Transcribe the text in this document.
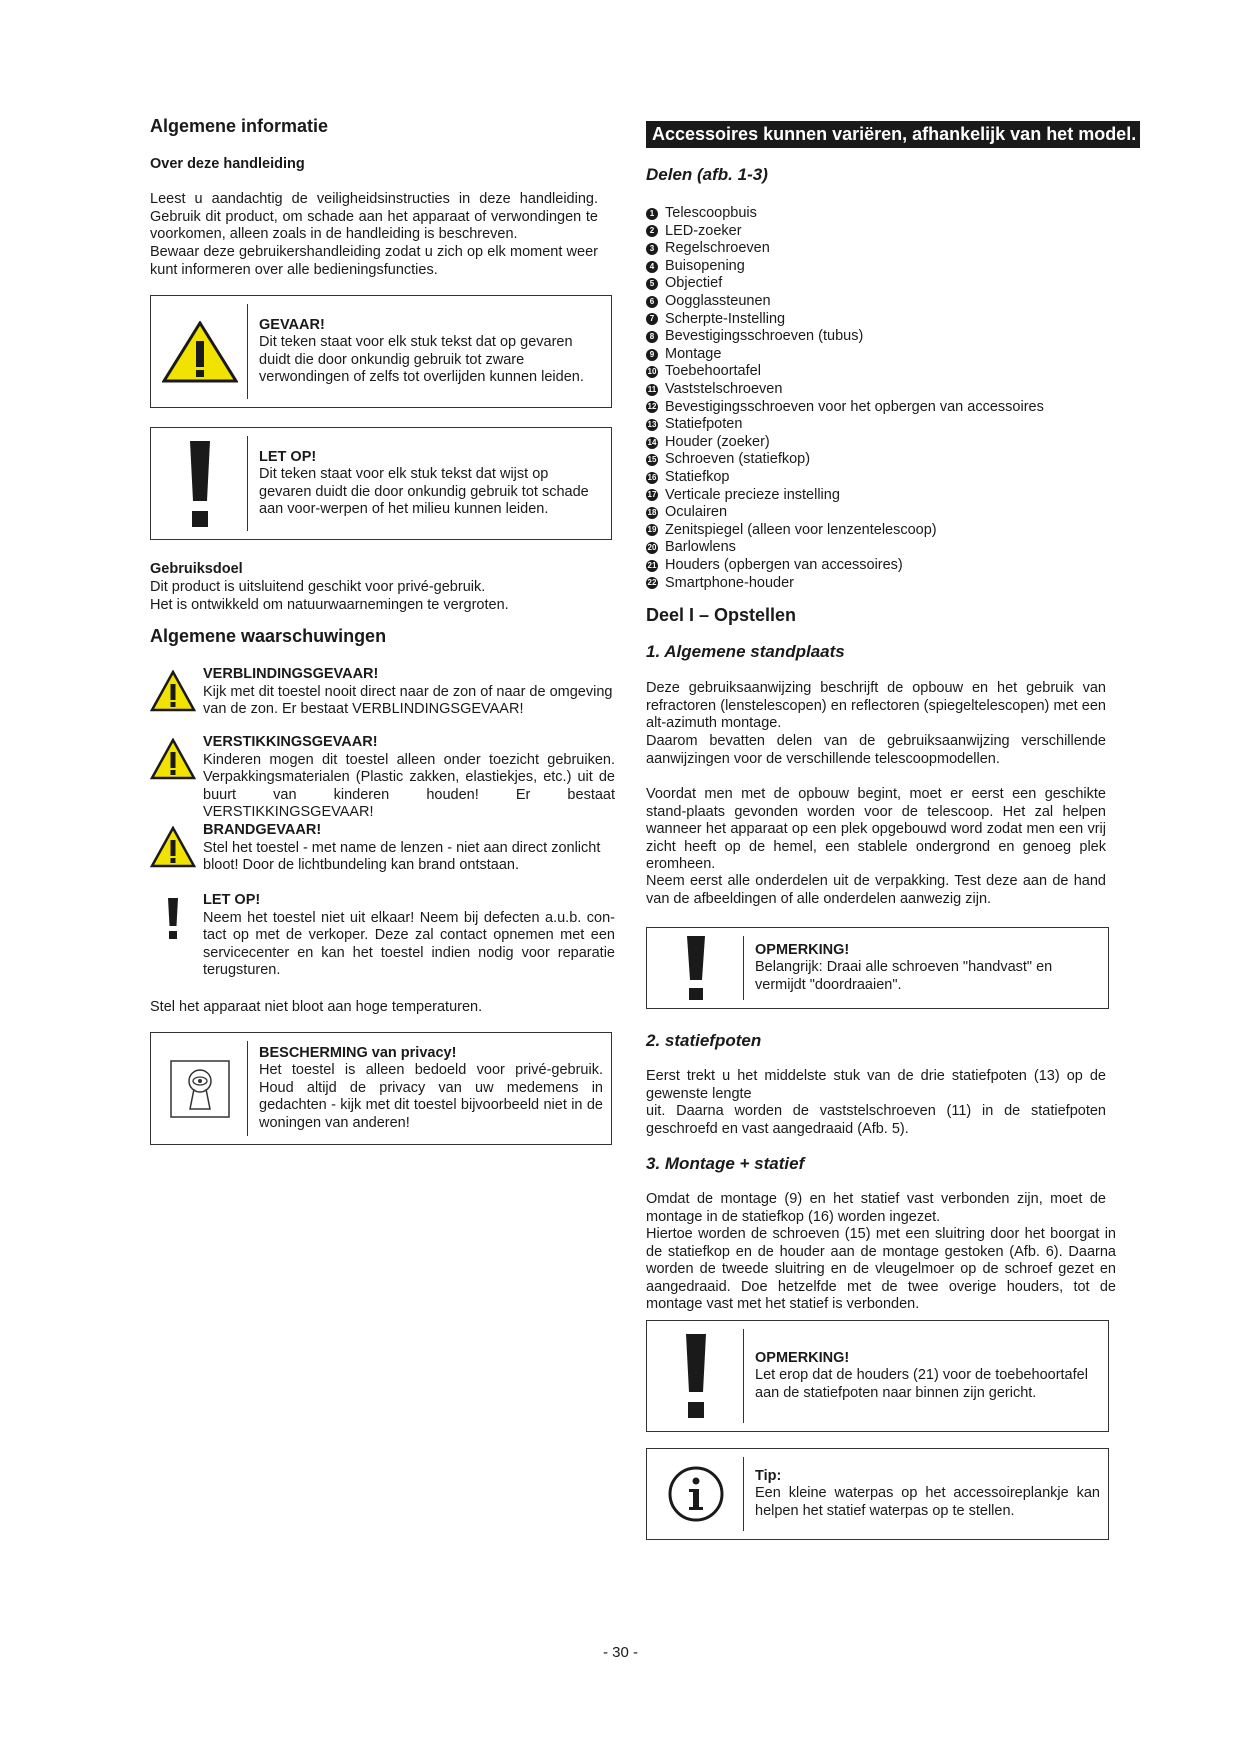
Algemene informatie
Over deze handleiding

Leest u aandachtig de veiligheidsinstructies in deze handleiding. Gebruik dit product, om schade aan het apparaat of verwondingen te voorkomen, alleen zoals in de handleiding is beschreven.

Bewaar deze gebruikershandleiding zodat u zich op elk moment weer kunt informeren over alle bedieningsfuncties.

GEVAAR!
Dit teken staat voor elk stuk tekst dat op gevaren duidt die door onkundig gebruik tot zware verwondingen of zelfs tot overlijden kunnen leiden.
LET OP!
Dit teken staat voor elk stuk tekst dat wijst op gevaren duidt die door onkundig gebruik tot schade aan voor-werpen of het milieu kunnen leiden.
Gebruiksdoel

Dit product is uitsluitend geschikt voor privé-gebruik.

Het is ontwikkeld om natuurwaarnemingen te vergroten.

Algemene waarschuwingen
VERBLINDINGSGEVAAR!
Kijk met dit toestel nooit direct naar de zon of naar de omgeving van de zon. Er bestaat VERBLINDINGSGEVAAR!
VERSTIKKINGSGEVAAR!
Kinderen mogen dit toestel alleen onder toezicht gebruiken. Verpakkingsmaterialen (Plastic zakken, elastiekjes, etc.) uit de buurt van kinderen houden! Er bestaat VERSTIKKINGSGEVAAR!
BRANDGEVAAR!
Stel het toestel - met name de lenzen - niet aan direct zonlicht bloot! Door de lichtbundeling kan brand ontstaan.
LET OP!
Neem het toestel niet uit elkaar! Neem bij defecten a.u.b. con-tact op met de verkoper. Deze zal contact opnemen met een servicecenter en kan het toestel indien nodig voor reparatie terugsturen.

Stel het apparaat niet bloot aan hoge temperaturen.

BESCHERMING van privacy!
Het toestel is alleen bedoeld voor privé-gebruik. Houd altijd de privacy van uw medemens in gedachten - kijk met dit toestel bijvoorbeeld niet in de woningen van anderen!
Accessoires kunnen variëren, afhankelijk van het model.
Delen (afb. 1-3)
1 Telescoopbuis
2 LED-zoeker
3 Regelschroeven
4 Buisopening
5 Objectief
6 Oogglassteunen
7 Scherpte-Instelling
8 Bevestigingsschroeven (tubus)
9 Montage
10 Toebehoortafel
11 Vaststelschroeven
12 Bevestigingsschroeven voor het opbergen van accessoires
13 Statiefpoten
14 Houder (zoeker)
15 Schroeven (statiefkop)
16 Statiefkop
17 Verticale precieze instelling
18 Oculairen
19 Zenitspiegel (alleen voor lenzentelescoop)
20 Barlowlens
21 Houders (opbergen van accessoires)
22 Smartphone-houder
Deel I – Opstellen
1. Algemene standplaats

Deze gebruiksaanwijzing beschrijft de opbouw en het gebruik van refractoren (lenstelescopen) en reflectoren (spiegeltelescopen) met een alt-azimuth montage.

Daarom bevatten delen van de gebruiksaanwijzing verschillende aanwijzingen voor de verschillende telescoopmodellen.

Voordat men met de opbouw begint, moet er eerst een geschikte stand-plaats gevonden worden voor de telescoop. Het zal helpen wanneer het apparaat op een plek opgebouwd word zodat men een vrij zicht heeft op de hemel, een stablele ondergrond en genoeg plek eromheen.

Neem eerst alle onderdelen uit de verpakking. Test deze aan de hand van de afbeeldingen of alle onderdelen aanwezig zijn.

OPMERKING!
Belangrijk: Draai alle schroeven "handvast" en vermijdt "doordraaien".
2. statiefpoten

Eerst trekt u het middelste stuk van de drie statiefpoten (13) op de gewenste lengte

uit. Daarna worden de vaststelschroeven (11) in de statiefpoten geschroefd en vast aangedraaid (Afb. 5).

3. Montage + statief

Omdat de montage (9) en het statief vast verbonden zijn, moet de montage in de statiefkop (16) worden ingezet.

Hiertoe worden de schroeven (15) met een sluitring door het boorgat in de statiefkop en de houder aan de montage gestoken (Afb. 6). Daarna worden de tweede sluitring en de vleugelmoer op de schroef gezet en aangedraaid. Doe hetzelfde met de twee overige houders, tot de montage vast met het statief is verbonden.

OPMERKING!
Let erop dat de houders (21) voor de toebehoortafel aan de statiefpoten naar binnen zijn gericht.
Tip:
Een kleine waterpas op het accessoireplankje kan helpen het statief waterpas op te stellen.
- 30 -
